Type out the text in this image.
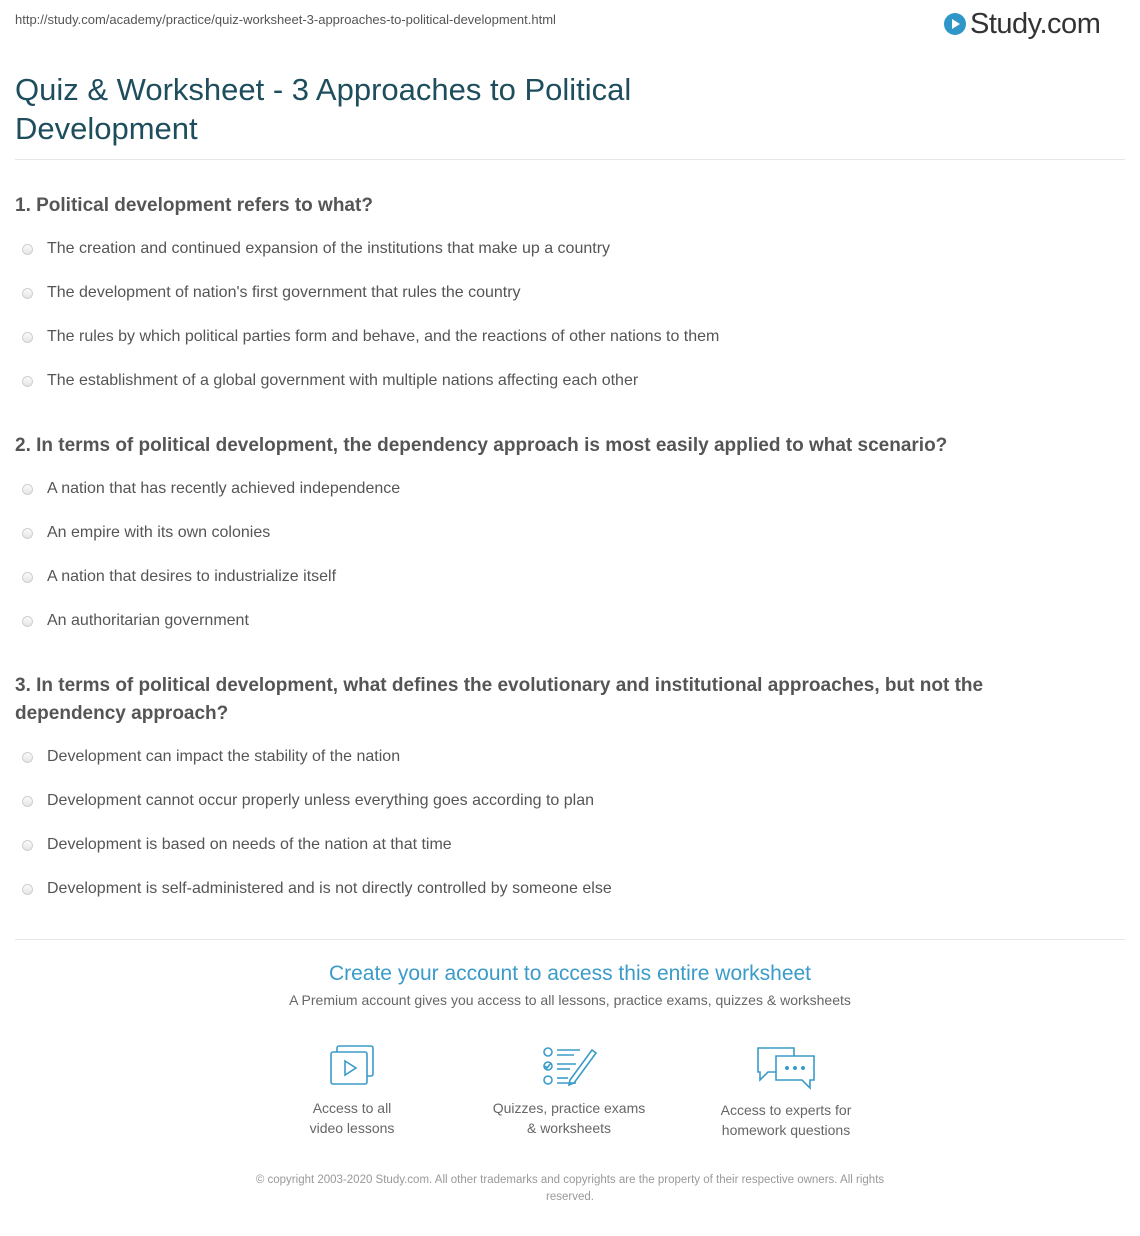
http://study.com/academy/practice/quiz-worksheet-3-approaches-to-political-development.html	Study.com
Quiz & Worksheet - 3 Approaches to Political
Development
1. Political development refers to what?
The creation and continued expansion of the institutions that make up a country
The development of nation's first government that rules the country
The rules by which political parties form and behave, and the reactions of other nations to them
The establishment of a global government with multiple nations affecting each other
2. In terms of political development, the dependency approach is most easily applied to what scenario?
A nation that has recently achieved independence
An empire with its own colonies
A nation that desires to industrialize itself
An authoritarian government
3. In terms of political development, what defines the evolutionary and institutional approaches, but not the
dependency approach?
Development can impact the stability of the nation
Development cannot occur properly unless everything goes according to plan
Development is based on needs of the nation at that time
Development is self-administered and is not directly controlled by someone else
Create your account to access this entire worksheet
A Premium account gives you access to all lessons, practice exams, quizzes & worksheets
Access to all
video lessons
Quizzes, practice exams
& worksheets
Access to experts for
homework questions
© copyright 2003-2020 Study.com. All other trademarks and copyrights are the property of their respective owners. All rights
reserved.
